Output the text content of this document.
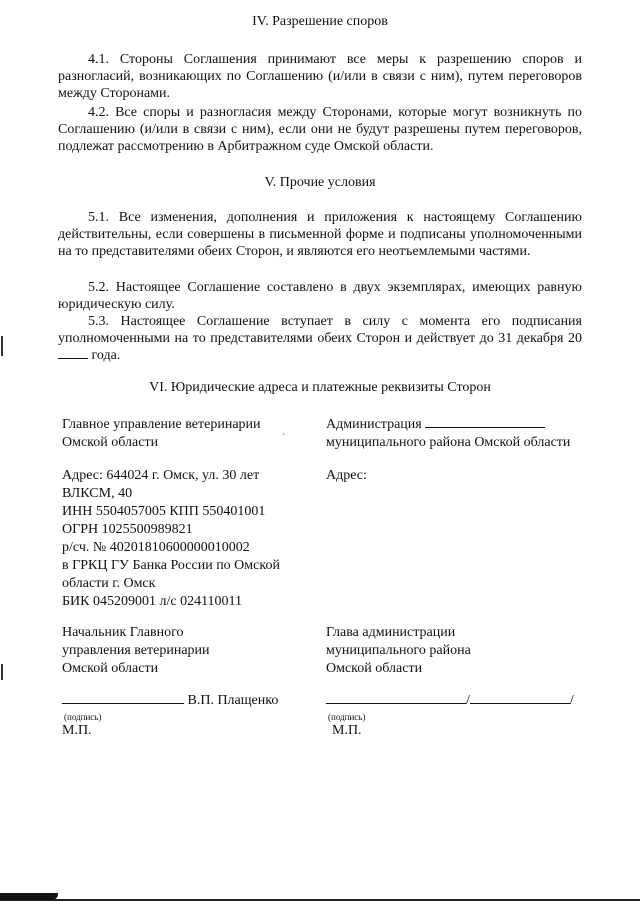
IV. Разрешение споров

4.1. Стороны Соглашения принимают все меры к разрешению споров и разногласий, возникающих по Соглашению (и/или в связи с ним), путем переговоров между Сторонами.

4.2. Все споры и разногласия между Сторонами, которые могут возникнуть по Соглашению (и/или в связи с ним), если они не будут разрешены путем переговоров, подлежат рассмотрению в Арбитражном суде Омской области.

V. Прочие условия

5.1. Все изменения, дополнения и приложения к настоящему Соглашению действительны, если совершены в письменной форме и подписаны уполномоченными на то представителями обеих Сторон, и являются его неотъемлемыми частями.

5.2. Настоящее Соглашение составлено в двух экземплярах, имеющих равную юридическую силу.

5.3. Настоящее Соглашение вступает в силу с момента его подписания уполномоченными на то представителями обеих Сторон и действует до 31 декабря 20 года.

VI. Юридические адреса и платежные реквизиты Сторон
`
Главное управление ветеринарии
Омской области
Адрес: 644024 г. Омск, ул. 30 лет
ВЛКСМ, 40
ИНН 5504057005 КПП 550401001
ОГРН 1025500989821
р/сч. № 40201810600000010002
в ГРКЦ ГУ Банка России по Омской
области г. Омск
БИК 045209001 л/с 024110011
Начальник Главного
управления ветеринарии
Омской области
В.П. Плащенко
(подпись)
М.П.
Администрация
муниципального района Омской области
Адрес:
Глава администрации
муниципального района
Омской области
/	/
(подпись)
М.П.
